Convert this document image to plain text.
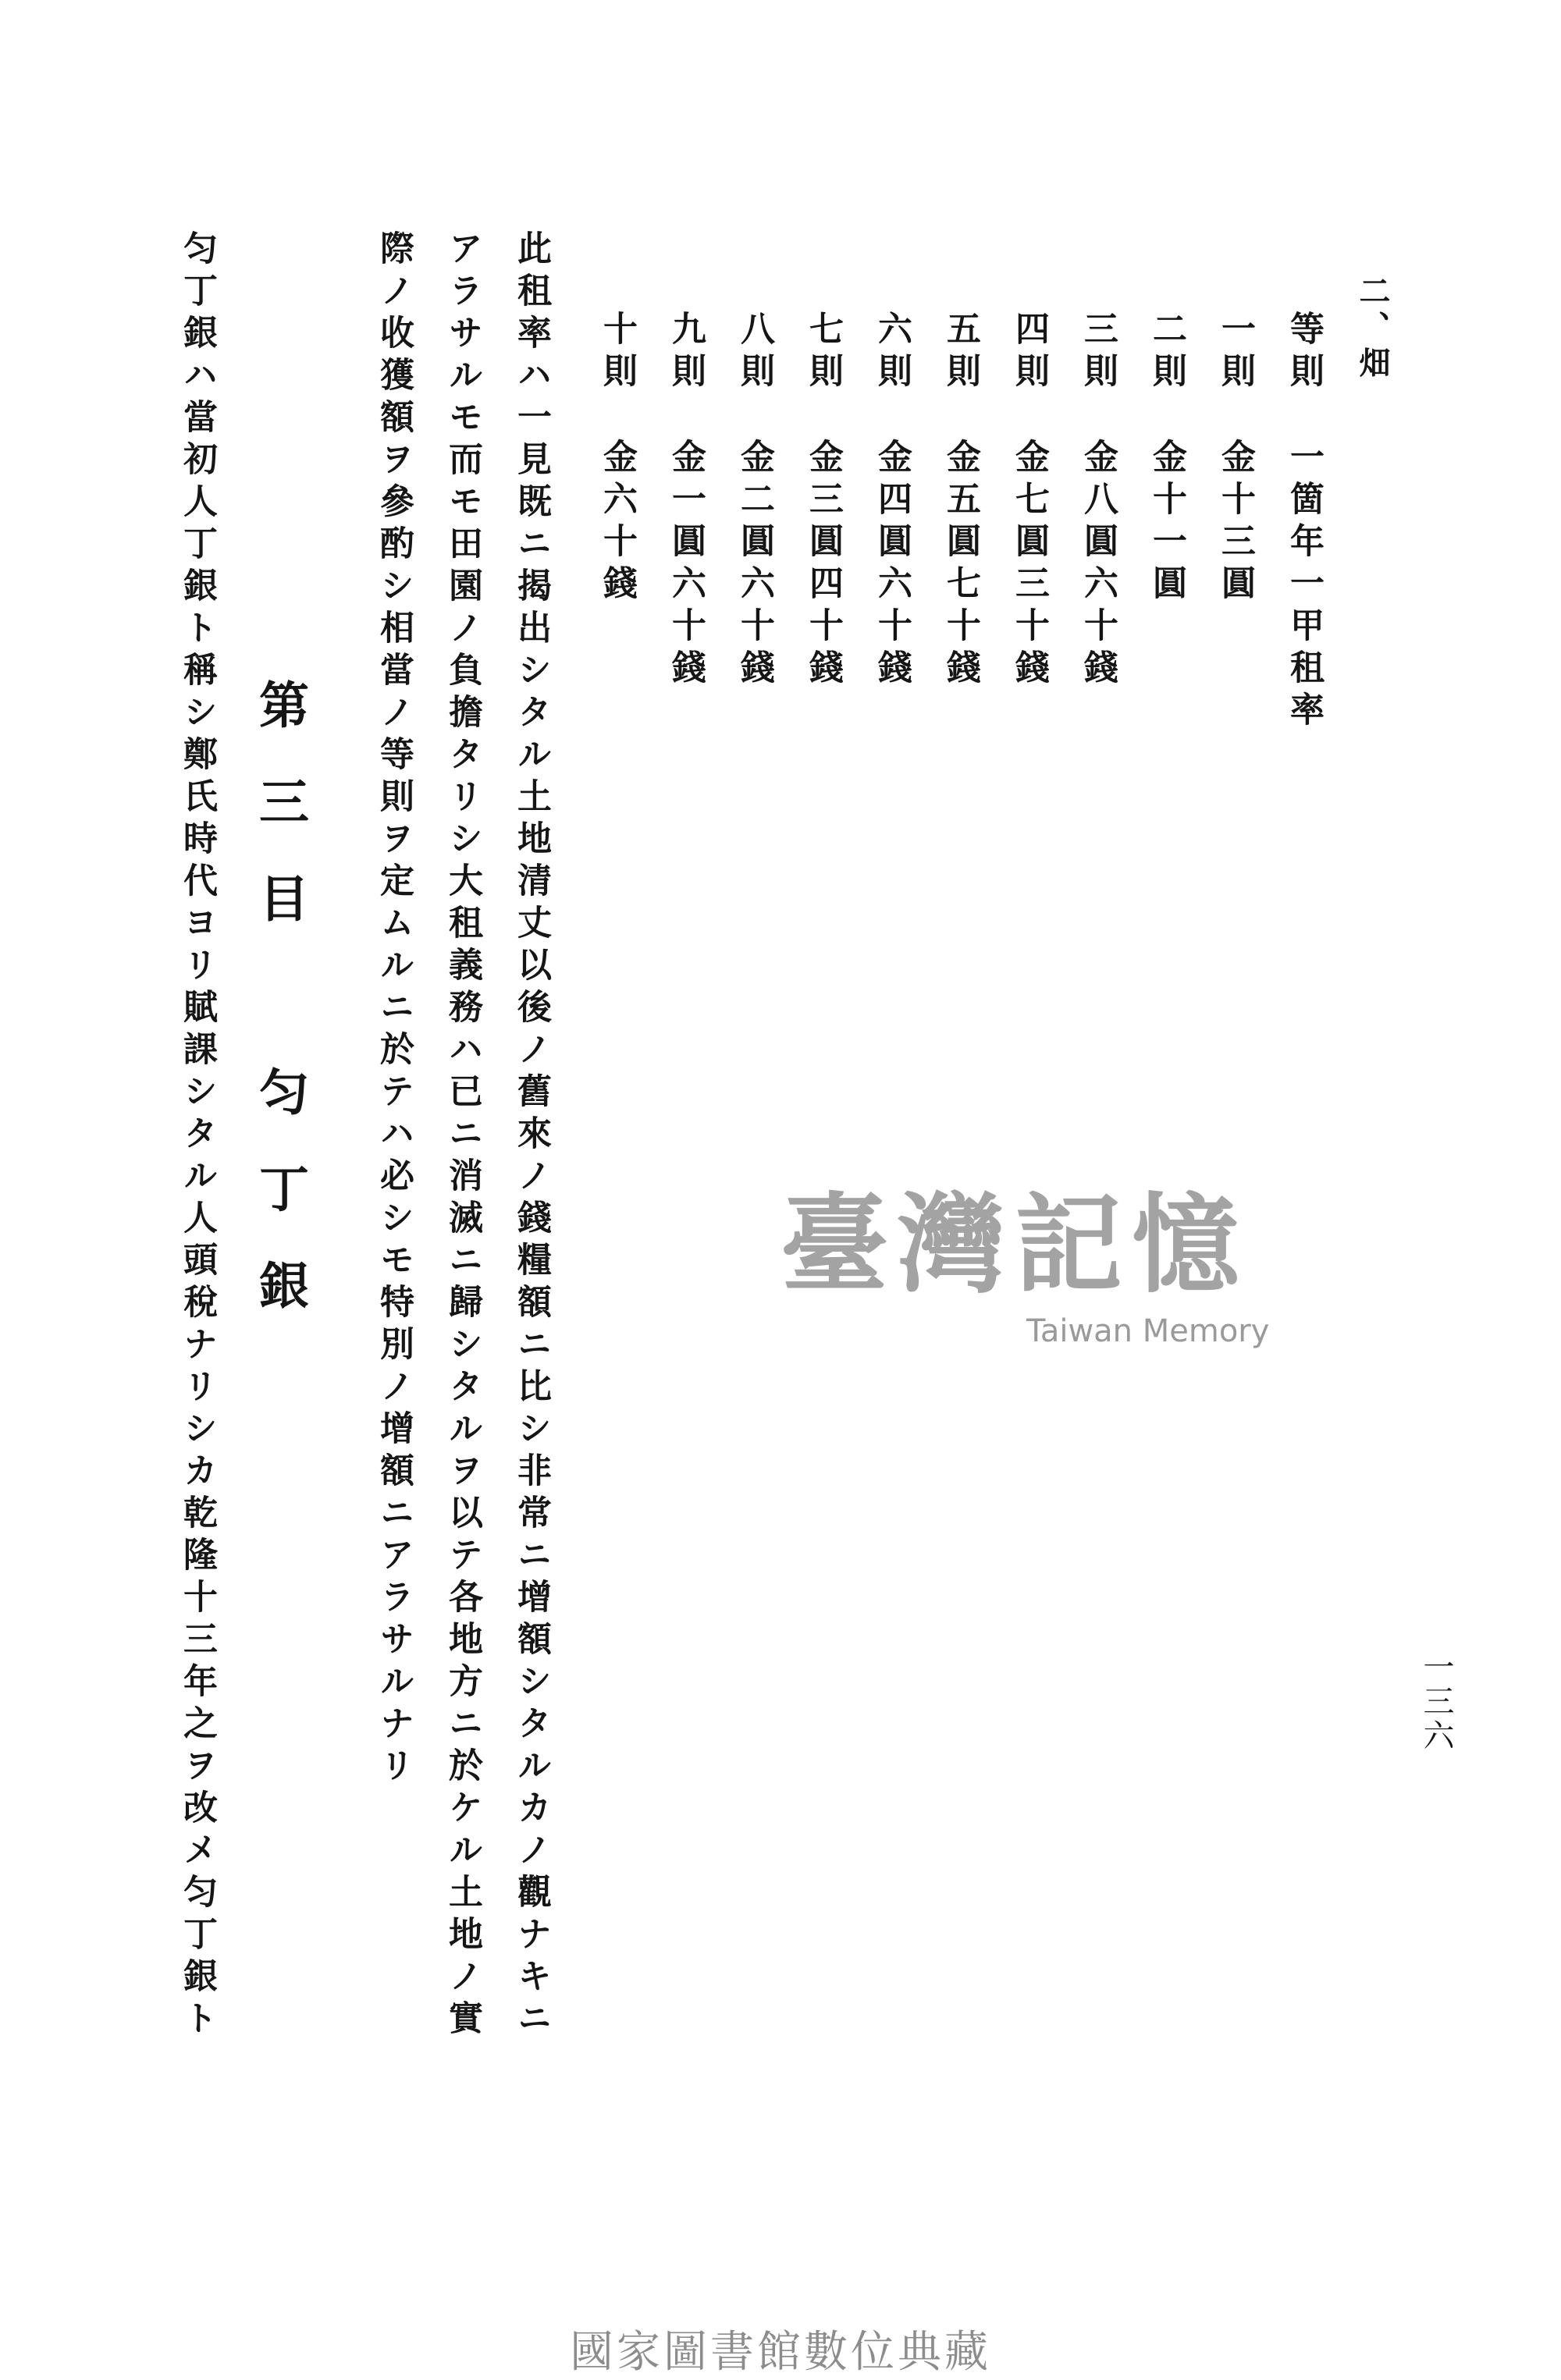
二、畑
等則
一箇年一甲租率
一則
金十三圓
二則
金十一圓
三則
金八圓六十錢
四則
金七圓三十錢
五則
金五圓七十錢
六則
金四圓六十錢
七則
金三圓四十錢
八則
金二圓六十錢
九則
金一圓六十錢
十則
金六十錢
此租率ハ一見既ニ揭出シタル土地清丈以後ノ舊來ノ錢糧額ニ比シ非常ニ增額シタルカノ觀ナキニ
アラサルモ而モ田園ノ負擔タリシ大租義務ハ已ニ消滅ニ歸シタルヲ以テ各地方ニ於ケル土地ノ實
際ノ收獲額ヲ參酌シ相當ノ等則ヲ定ムルニ於テハ必シモ特別ノ增額ニアラサルナリ
第三目　匀丁銀
匀丁銀ハ當初人丁銀ト稱シ鄭氏時代ヨリ賦課シタル人頭稅ナリシカ乾隆十三年之ヲ改メ匀丁銀ト	一三六
臺灣記憶
Taiwan Memory
國家圖書館數位典藏
